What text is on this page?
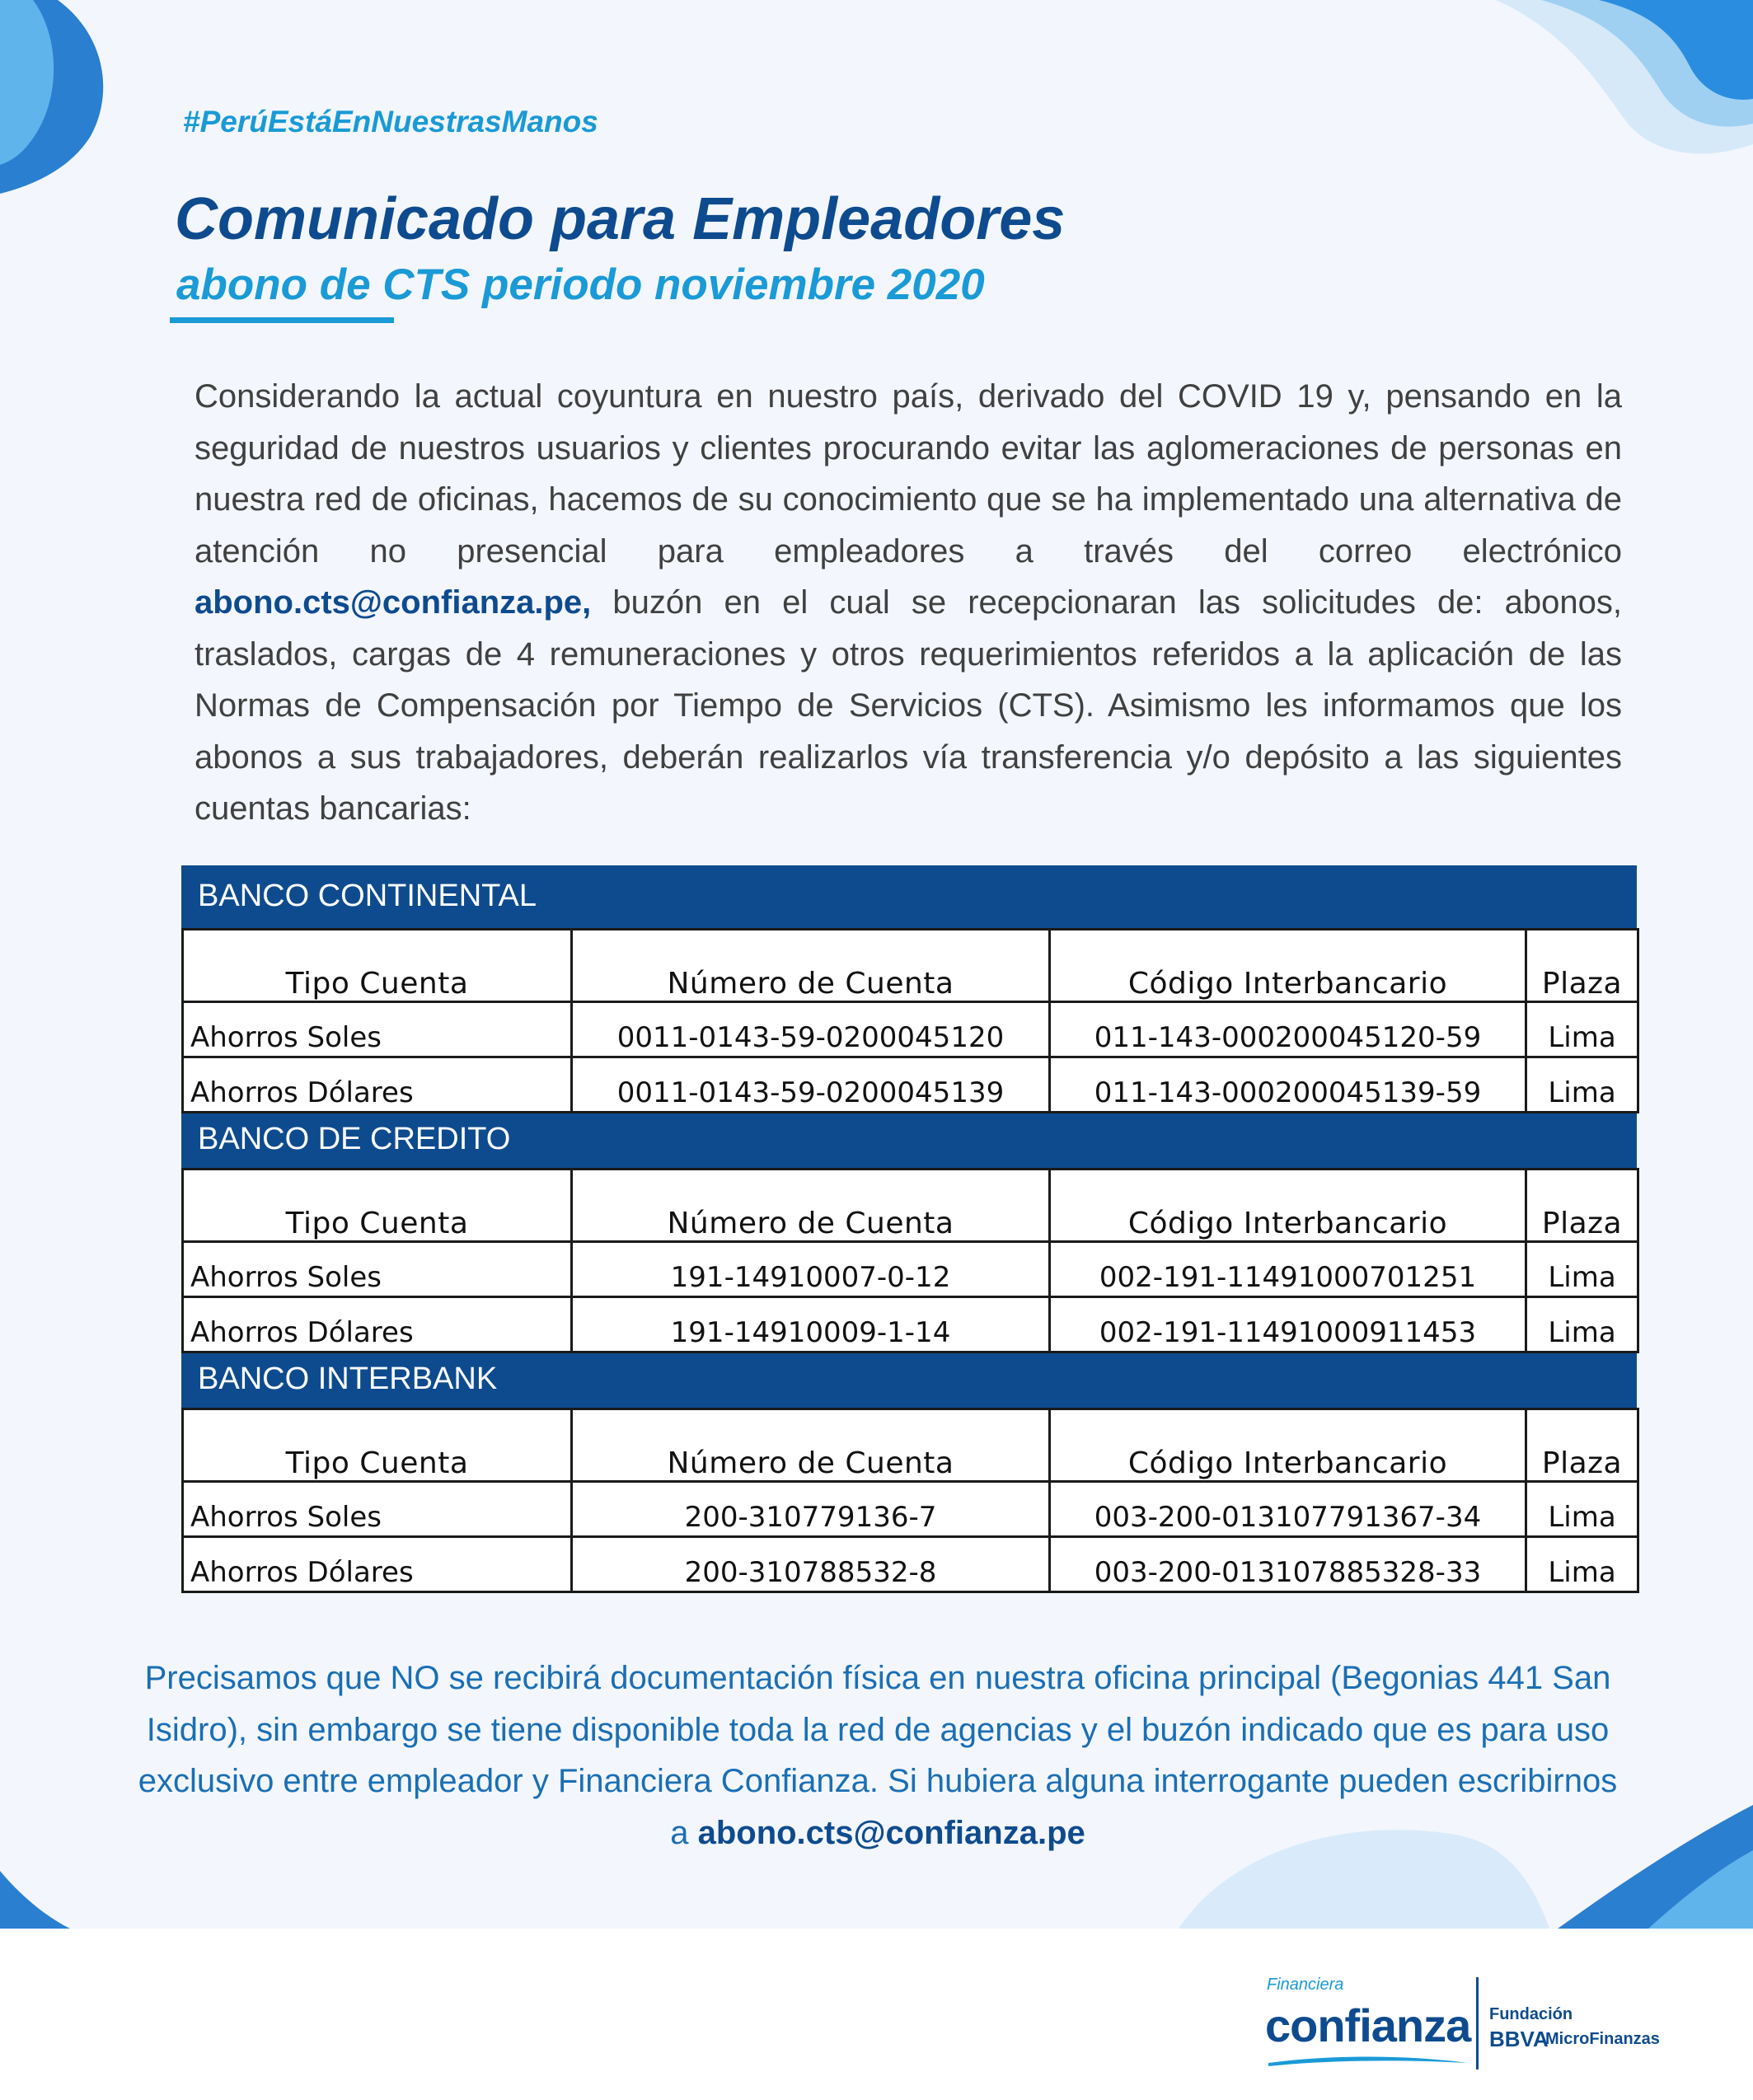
#PerúEstáEnNuestrasManos
Comunicado para Empleadores
abono de CTS periodo noviembre 2020
Considerando la actual coyuntura en nuestro país, derivado del COVID 19 y, pensando en la seguridad de nuestros usuarios y clientes procurando evitar las aglomeraciones de personas en nuestra red de oficinas, hacemos de su conocimiento que se ha implementado una alternativa de atención no presencial para empleadores a través del correo electrónico abono.cts@confianza.pe, buzón en el cual se recepcionaran las solicitudes de: abonos, traslados, cargas de 4 remuneraciones y otros requerimientos referidos a la aplicación de las Normas de Compensación por Tiempo de Servicios (CTS). Asimismo les informamos que los abonos a sus trabajadores, deberán realizarlos vía transferencia y/o depósito a las siguientes cuentas bancarias:
BANCO CONTINENTAL
Tipo Cuenta	Número de Cuenta	Código Interbancario	Plaza
Ahorros Soles	0011-0143-59-0200045120	011-143-000200045120-59	Lima
Ahorros Dólares	0011-0143-59-0200045139	011-143-000200045139-59	Lima
BANCO DE CREDITO
Tipo Cuenta	Número de Cuenta	Código Interbancario	Plaza
Ahorros Soles	191-14910007-0-12	002-191-11491000701251	Lima
Ahorros Dólares	191-14910009-1-14	002-191-11491000911453	Lima
BANCO INTERBANK
Tipo Cuenta	Número de Cuenta	Código Interbancario	Plaza
Ahorros Soles	200-310779136-7	003-200-013107791367-34	Lima
Ahorros Dólares	200-310788532-8	003-200-013107885328-33	Lima
Precisamos que NO se recibirá documentación física en nuestra oficina principal (Begonias 441 San Isidro), sin embargo se tiene disponible toda la red de agencias y el buzón indicado que es para uso exclusivo entre empleador y Financiera Confianza. Si hubiera alguna interrogante pueden escribirnos a abono.cts@confianza.pe
Financiera
confianza Fundación
BBVA
MicroFinanzas
